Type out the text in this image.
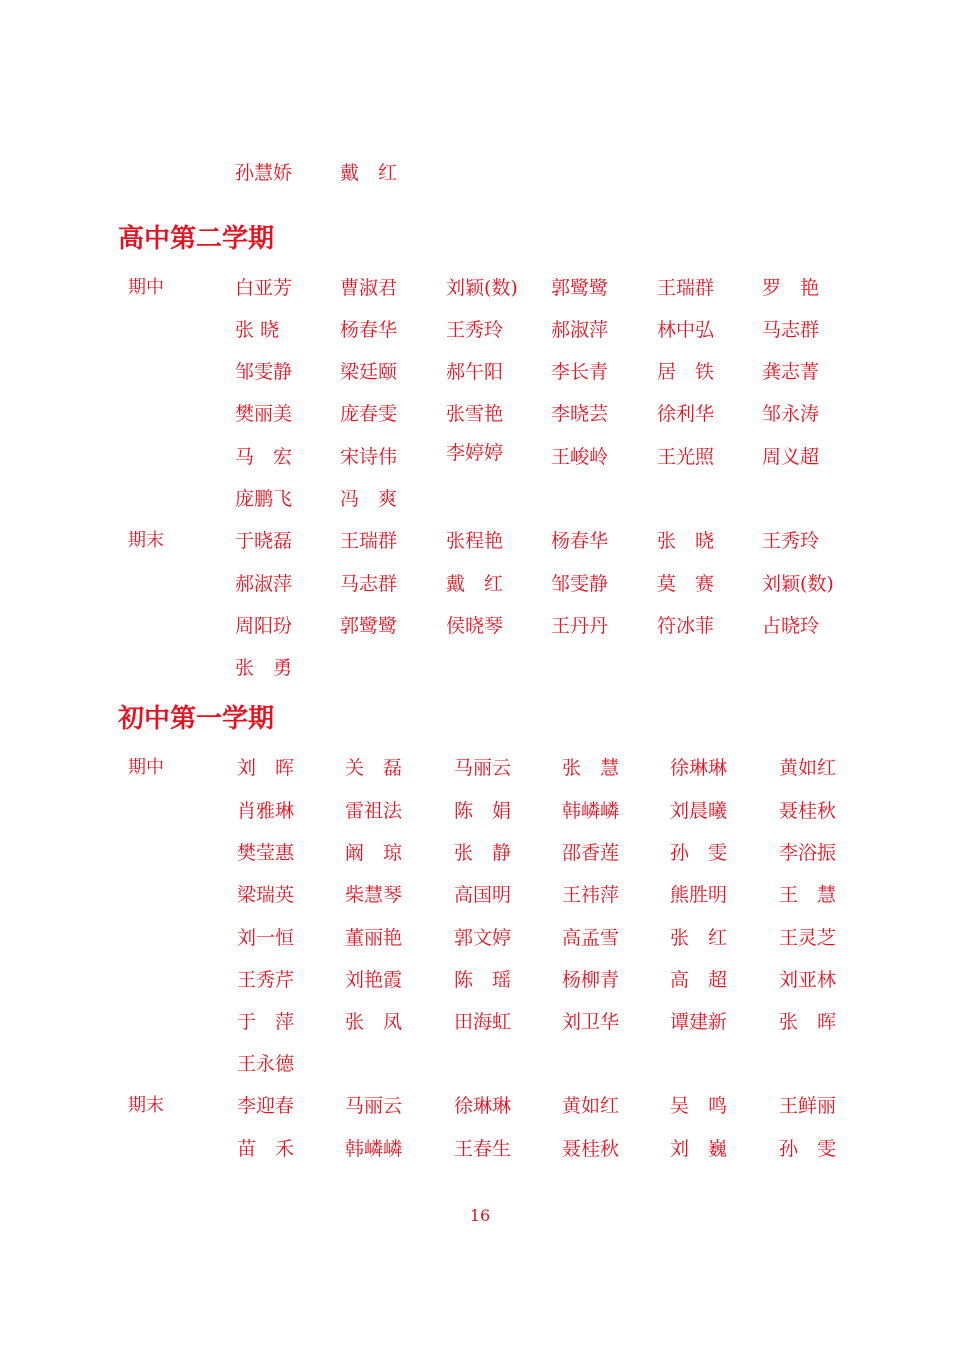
孙慧娇	戴　红
高中第二学期
期中	白亚芳	曹淑君	刘颖(数) 郭鹭鹭	王瑞群	罗　艳
张 晓	杨春华	王秀玲	郝淑萍	林中弘	马志群
邹雯静	梁廷颐	郝午阳	李长青	居　铁	龚志菁
樊丽美	庞春雯	张雪艳	李晓芸	徐利华	邹永涛
马　宏	宋诗伟	李婷婷	王峻岭	王光照	周义超
庞鹏飞	冯　爽
期末	于晓磊	王瑞群	张程艳	杨春华	张　晓	王秀玲
郝淑萍	马志群	戴　红	邹雯静	莫　赛	刘颖(数)
周阳玢	郭鹭鹭	侯晓琴	王丹丹	符冰菲	占晓玲
张　勇
初中第一学期
期中	刘　晖	关　磊	马丽云	张　慧	徐琳琳	黄如红
肖雅琳	雷祖法	陈　娟	韩嶙嶙	刘晨曦	聂桂秋
樊莹惠	阚　琼	张　静	邵香莲	孙　雯	李浴振
梁瑞英	柴慧琴	高国明	王祎萍	熊胜明	王　慧
刘一恒	董丽艳	郭文婷	高孟雪	张　红	王灵芝
王秀芹	刘艳霞	陈　瑶	杨柳青	高　超	刘亚林
于　萍	张　凤	田海虹	刘卫华	谭建新	张　晖
王永德
期末	李迎春	马丽云	徐琳琳	黄如红	吴　鸣	王鲜丽
苗　禾	韩嶙嶙	王春生	聂桂秋	刘　巍	孙　雯
16
